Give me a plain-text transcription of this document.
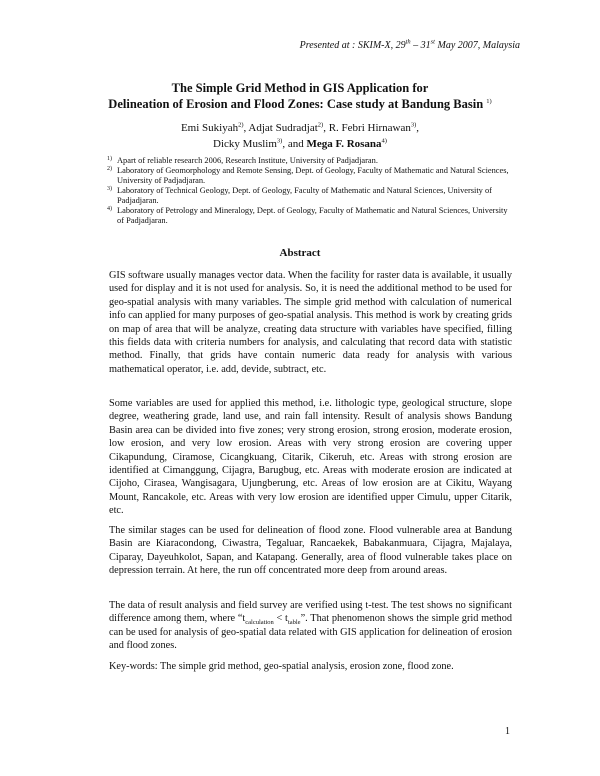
Presented at : SKIM-X, 29th – 31st May 2007, Malaysia
The Simple Grid Method in GIS Application for
Delineation of Erosion and Flood Zones: Case study at Bandung Basin $^{1)}$
Emi Sukiyah$^{2)}$, Adjat Sudradjat$^{2)}$, R. Febri Hirnawan$^{3)}$,
Dicky Muslim$^{3)}$, and Mega F. Rosana$^{4)}$
1) Apart of reliable research 2006, Research Institute, University of Padjadjaran.
2) Laboratory of Geomorphology and Remote Sensing, Dept. of Geology, Faculty of Mathematic and Natural Sciences, University of Padjadjaran.
3) Laboratory of Technical Geology, Dept. of Geology, Faculty of Mathematic and Natural Sciences, University of Padjadjaran.
4) Laboratory of Petrology and Mineralogy, Dept. of Geology, Faculty of Mathematic and Natural Sciences, University of Padjadjaran.
Abstract
GIS software usually manages vector data. When the facility for raster data is available, it usually used for display and it is not used for analysis. So, it is need the additional method to be used for geo-spatial analysis with many variables. The simple grid method with calculation of numerical info can applied for many purposes of geo-spatial analysis. This method is work by creating grids on map of area that will be analyze, creating data structure with variables have specified, filling this fields data with criteria numbers for analysis, and calculating that record data with statistic method. Finally, that grids have contain numeric data ready for analysis with various mathematical operator, i.e. add, devide, subtract, etc.
Some variables are used for applied this method, i.e. lithologic type, geological structure, slope degree, weathering grade, land use, and rain fall intensity. Result of analysis shows Bandung Basin area can be divided into five zones; very strong erosion, strong erosion, moderate erosion, low erosion, and very low erosion. Areas with very strong erosion are covering upper Cikapundung, Ciramose, Cicangkuang, Citarik, Cikeruh, etc. Areas with strong erosion are identified at Cimanggung, Cijagra, Barugbug, etc. Areas with moderate erosion are indicated at Cijoho, Cirasea, Wangisagara, Ujungberung, etc. Areas of low erosion are at Cikitu, Wayang Mount, Rancakole, etc. Areas with very low erosion are identified upper Cimulu, upper Citarik, etc.
The similar stages can be used for delineation of flood zone. Flood vulnerable area at Bandung Basin are Kiaracondong, Ciwastra, Tegaluar, Rancaekek, Babakanmuara, Cijagra, Majalaya, Ciparay, Dayeuhkolot, Sapan, and Katapang. Generally, area of flood vulnerable takes place on depression terrain. At here, the run off concentrated more deep from around areas.
The data of result analysis and field survey are verified using t-test. The test shows no significant difference among them, where “$t_{calculation} < t_{table}$”. That phenomenon shows the simple grid method can be used for analysis of geo-spatial data related with GIS application for delineation of erosion and flood zones.
Key-words: The simple grid method, geo-spatial analysis, erosion zone, flood zone.
1
